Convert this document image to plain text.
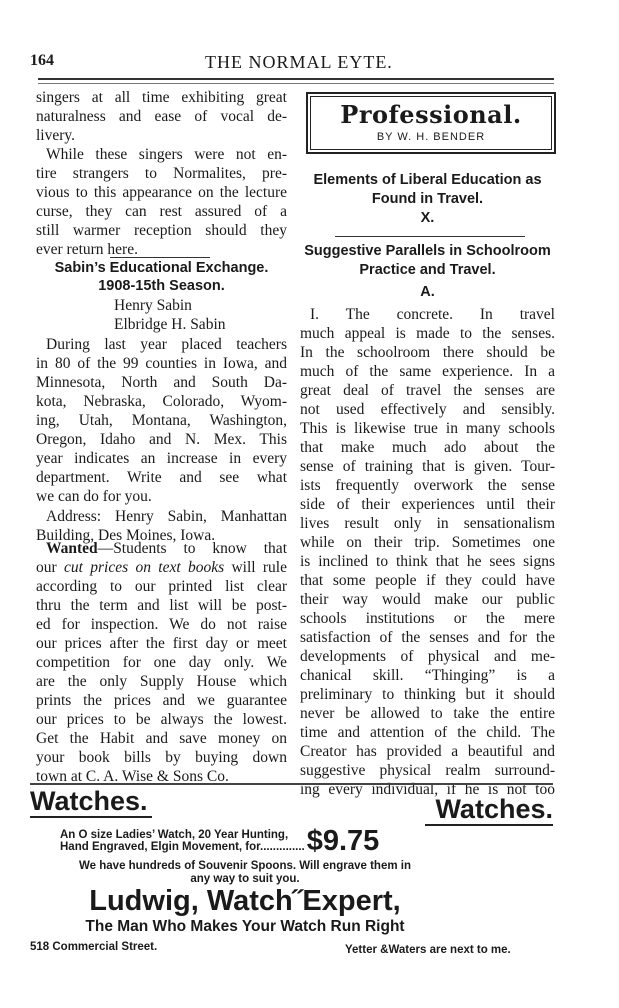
164	THE NORMAL EYTE.
singers at all time exhibiting great
naturalness and ease of vocal de-
livery.
While these singers were not en-
tire strangers to Normalites, pre-
vious to this appearance on the lecture
curse, they can rest assured of a
still warmer reception should they
ever return here.
Sabin’s Educational Exchange.
1908-15th Season.
Henry Sabin
Elbridge H. Sabin
During last year placed teachers
in 80 of the 99 counties in Iowa, and
Minnesota, North and South Da-
kota, Nebraska, Colorado, Wyom-
ing, Utah, Montana, Washington,
Oregon, Idaho and N. Mex. This
year indicates an increase in every
department. Write and see what
we can do for you.
Address: Henry Sabin, Manhattan
Building, Des Moines, Iowa.
Wanted—Students to know that
our cut prices on text books will rule
according to our printed list clear
thru the term and list will be post-
ed for inspection. We do not raise
our prices after the first day or meet
competition for one day only. We
are the only Supply House which
prints the prices and we guarantee
our prices to be always the lowest.
Get the Habit and save money on
your book bills by buying down
town at C. A. Wise & Sons Co.
Professional.
BY W. H. BENDER
Elements of Liberal Education as
Found in Travel.
X.
Suggestive Parallels in Schoolroom
Practice and Travel.
A.
I. The concrete. In travel
much appeal is made to the senses.
In the schoolroom there should be
much of the same experience. In a
great deal of travel the senses are
not used effectively and sensibly.
This is likewise true in many schools
that make much ado about the
sense of training that is given. Tour-
ists frequently overwork the sense
side of their experiences until their
lives result only in sensationalism
while on their trip. Sometimes one
is inclined to think that he sees signs
that some people if they could have
their way would make our public
schools institutions or the mere
satisfaction of the senses and for the
developments of physical and me-
chanical skill. “Thinging” is a
preliminary to thinking but it should
never be allowed to take the entire
time and attention of the child. The
Creator has provided a beautiful and
suggestive physical realm surround-
ing every individual, if he is not too
Watches.	Watches.
An O size Ladies’ Watch, 20 Year Hunting,
Hand Engraved, Elgin Movement, for.............. $9.75
We have hundreds of Souvenir Spoons. Will engrave them in
any way to suit you.
Ludwig, Watch˝Expert,
The Man Who Makes Your Watch Run Right
518 Commercial Street.	Yetter &Waters are next to me.
